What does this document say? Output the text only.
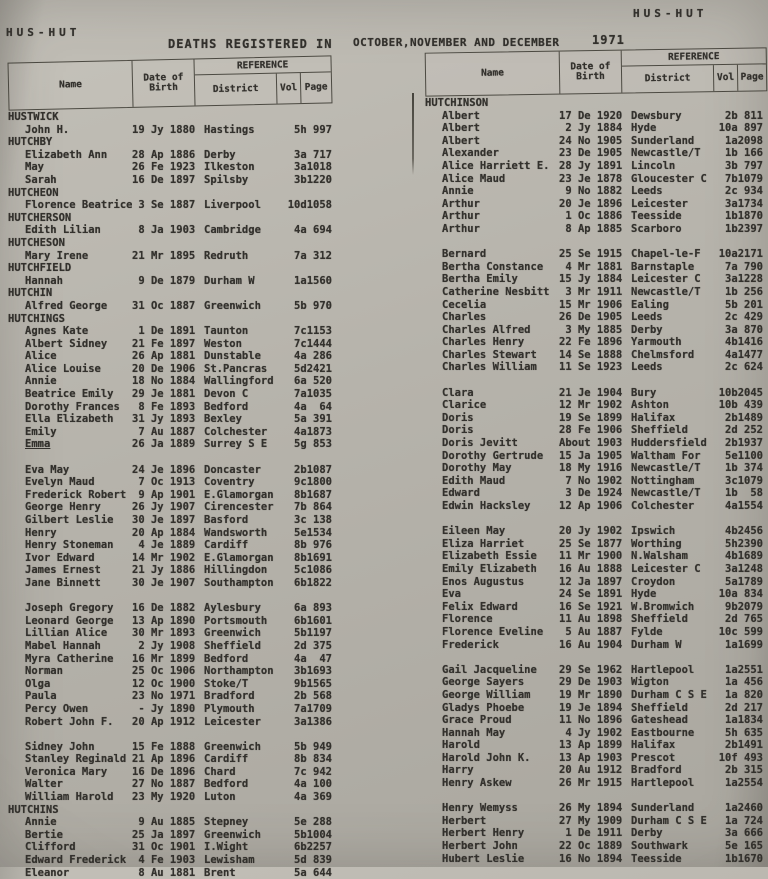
HUS-HUT
HUS-HUT
DEATHS REGISTERED IN OCTOBER,NOVEMBER AND DECEMBER	1971
Name
Date of Birth
REFERENCE
District	Vol Page
Name
Date of Birth
REFERENCE
District	Vol Page
HUSTWICK
John H.	19 Jy 1880 Hastings	5h 997
HUTCHBY
Elizabeth Ann	28 Ap 1886 Derby	3a 717
May	26 Fe 1923 Ilkeston	3a1018
Sarah	16 De 1897 Spilsby	3b1220
HUTCHEON
Florence Beatrice 3 Se 1887 Liverpool	10d1058
HUTCHERSON
Edith Lilian	8 Ja 1903 Cambridge	4a 694
HUTCHESON
Mary Irene	21 Mr 1895 Redruth	7a 312
HUTCHFIELD
Hannah	9 De 1879 Durham W	1a1560
HUTCHIN
Alfred George	31 Oc 1887 Greenwich	5b 970
HUTCHINGS
Agnes Kate	1 De 1891 Taunton	7c1153
Albert Sidney	21 Fe 1897 Weston	7c1444
Alice	26 Ap 1881 Dunstable	4a 286
Alice Louise	20 De 1906 St.Pancras	5d2421
Annie	18 No 1884 Wallingford	6a 520
Beatrice Emily	29 Je 1881 Devon C	7a1035
Dorothy Frances	8 Fe 1893 Bedford	4a  64
Ella Elizabeth	31 Jy 1893 Bexley	5a 391
Emily	7 Au 1887 Colchester	4a1873
Emma	26 Ja 1889 Surrey S E	5g 853
Eva May	24 Je 1896 Doncaster	2b1087
Evelyn Maud	7 Oc 1913 Coventry	9c1800
Frederick Robert 9 Ap 1901 E.Glamorgan	8b1687
George Henry	26 Jy 1907 Cirencester	7b 864
Gilbert Leslie	30 Je 1897 Basford	3c 138
Henry	20 Ap 1884 Wandsworth	5e1534
Henry Stoneman	4 Je 1889 Cardiff	8b 976
Ivor Edward	14 Mr 1902 E.Glamorgan	8b1691
James Ernest	21 Jy 1886 Hillingdon	5c1086
Jane Binnett	30 Je 1907 Southampton	6b1822
Joseph Gregory	16 De 1882 Aylesbury	6a 893
Leonard George	13 Ap 1890 Portsmouth	6b1601
Lillian Alice	30 Mr 1893 Greenwich	5b1197
Mabel Hannah	2 Jy 1908 Sheffield	2d 375
Myra Catherine	16 Mr 1899 Bedford	4a  47
Norman	25 Oc 1906 Northampton	3b1693
Olga	12 Oc 1900 Stoke/T	9b1565
Paula	23 No 1971 Bradford	2b 568
Percy Owen	- Jy 1890 Plymouth	7a1709
Robert John F.	20 Ap 1912 Leicester	3a1386
Sidney John	15 Fe 1888 Greenwich	5b 949
Stanley Reginald 21 Ap 1896 Cardiff	8b 834
Veronica Mary	16 De 1896 Chard	7c 942
Walter	27 No 1887 Bedford	4a 100
William Harold	23 My 1920 Luton	4a 369
HUTCHINS
Annie	9 Au 1885 Stepney	5e 288
Bertie	25 Ja 1897 Greenwich	5b1004
Clifford	31 Oc 1901 I.Wight	6b2257
Edward Frederick 4 Fe 1903 Lewisham	5d 839
Eleanor	8 Au 1881 Brent	5a 644
HUTCHINSON
Albert	17 De 1920 Dewsbury	2b 811
Albert	2 Jy 1884 Hyde	10a 897
Albert	24 No 1905 Sunderland	1a2098
Alexander	23 De 1905 Newcastle/T	1b 166
Alice Harriett E. 28 Jy 1891 Lincoln	3b 797
Alice Maud	23 Je 1878 Gloucester C	7b1079
Annie	9 No 1882 Leeds	2c 934
Arthur	20 Je 1896 Leicester	3a1734
Arthur	1 Oc 1886 Teesside	1b1870
Arthur	8 Ap 1885 Scarboro	1b2397
Bernard	25 Se 1915 Chapel-le-F	10a2171
Bertha Constance	4 Mr 1881 Barnstaple	7a 790
Bertha Emily	15 Jy 1884 Leicester C	3a1228
Catherine Nesbitt 3 Mr 1911 Newcastle/T	1b 256
Cecelia	15 Mr 1906 Ealing	5b 201
Charles	26 De 1905 Leeds	2c 429
Charles Alfred	3 My 1885 Derby	3a 870
Charles Henry	22 Fe 1896 Yarmouth	4b1416
Charles Stewart	14 Se 1888 Chelmsford	4a1477
Charles William	11 Se 1923 Leeds	2c 624
Clara	21 Je 1904 Bury	10b2045
Clarice	12 Mr 1902 Ashton	10b 439
Doris	19 Se 1899 Halifax	2b1489
Doris	28 Fe 1906 Sheffield	2d 252
Doris Jevitt	About 1903 Huddersfield	2b1937
Dorothy Gertrude	15 Ja 1905 Waltham For	5e1100
Dorothy May	18 My 1916 Newcastle/T	1b 374
Edith Maud	7 No 1902 Nottingham	3c1079
Edward	3 De 1924 Newcastle/T	1b  58
Edwin Hacksley	12 Ap 1906 Colchester	4a1554
Eileen May	20 Jy 1902 Ipswich	4b2456
Eliza Harriet	25 Se 1877 Worthing	5h2390
Elizabeth Essie	11 Mr 1900 N.Walsham	4b1689
Emily Elizabeth	16 Au 1888 Leicester C	3a1248
Enos Augustus	12 Ja 1897 Croydon	5a1789
Eva	24 Se 1891 Hyde	10a 834
Felix Edward	16 Se 1921 W.Bromwich	9b2079
Florence	11 Au 1898 Sheffield	2d 765
Florence Eveline	5 Au 1887 Fylde	10c 599
Frederick	16 Au 1904 Durham W	1a1699
Gail Jacqueline	29 Se 1962 Hartlepool	1a2551
George Sayers	29 De 1903 Wigton	1a 456
George William	19 Mr 1890 Durham C S E	1a 820
Gladys Phoebe	19 Je 1894 Sheffield	2d 217
Grace Proud	11 No 1896 Gateshead	1a1834
Hannah May	4 Jy 1902 Eastbourne	5h 635
Harold	13 Ap 1899 Halifax	2b1491
Harold John K.	13 Ap 1903 Prescot	10f 493
Harry	20 Au 1912 Bradford	2b 315
Henry Askew	26 Mr 1915 Hartlepool	1a2554
Henry Wemyss	26 My 1894 Sunderland	1a2460
Herbert	27 My 1909 Durham C S E	1a 724
Herbert Henry	1 De 1911 Derby	3a 666
Herbert John	22 Oc 1889 Southwark	5e 165
Hubert Leslie	16 No 1894 Teesside	1b1670
